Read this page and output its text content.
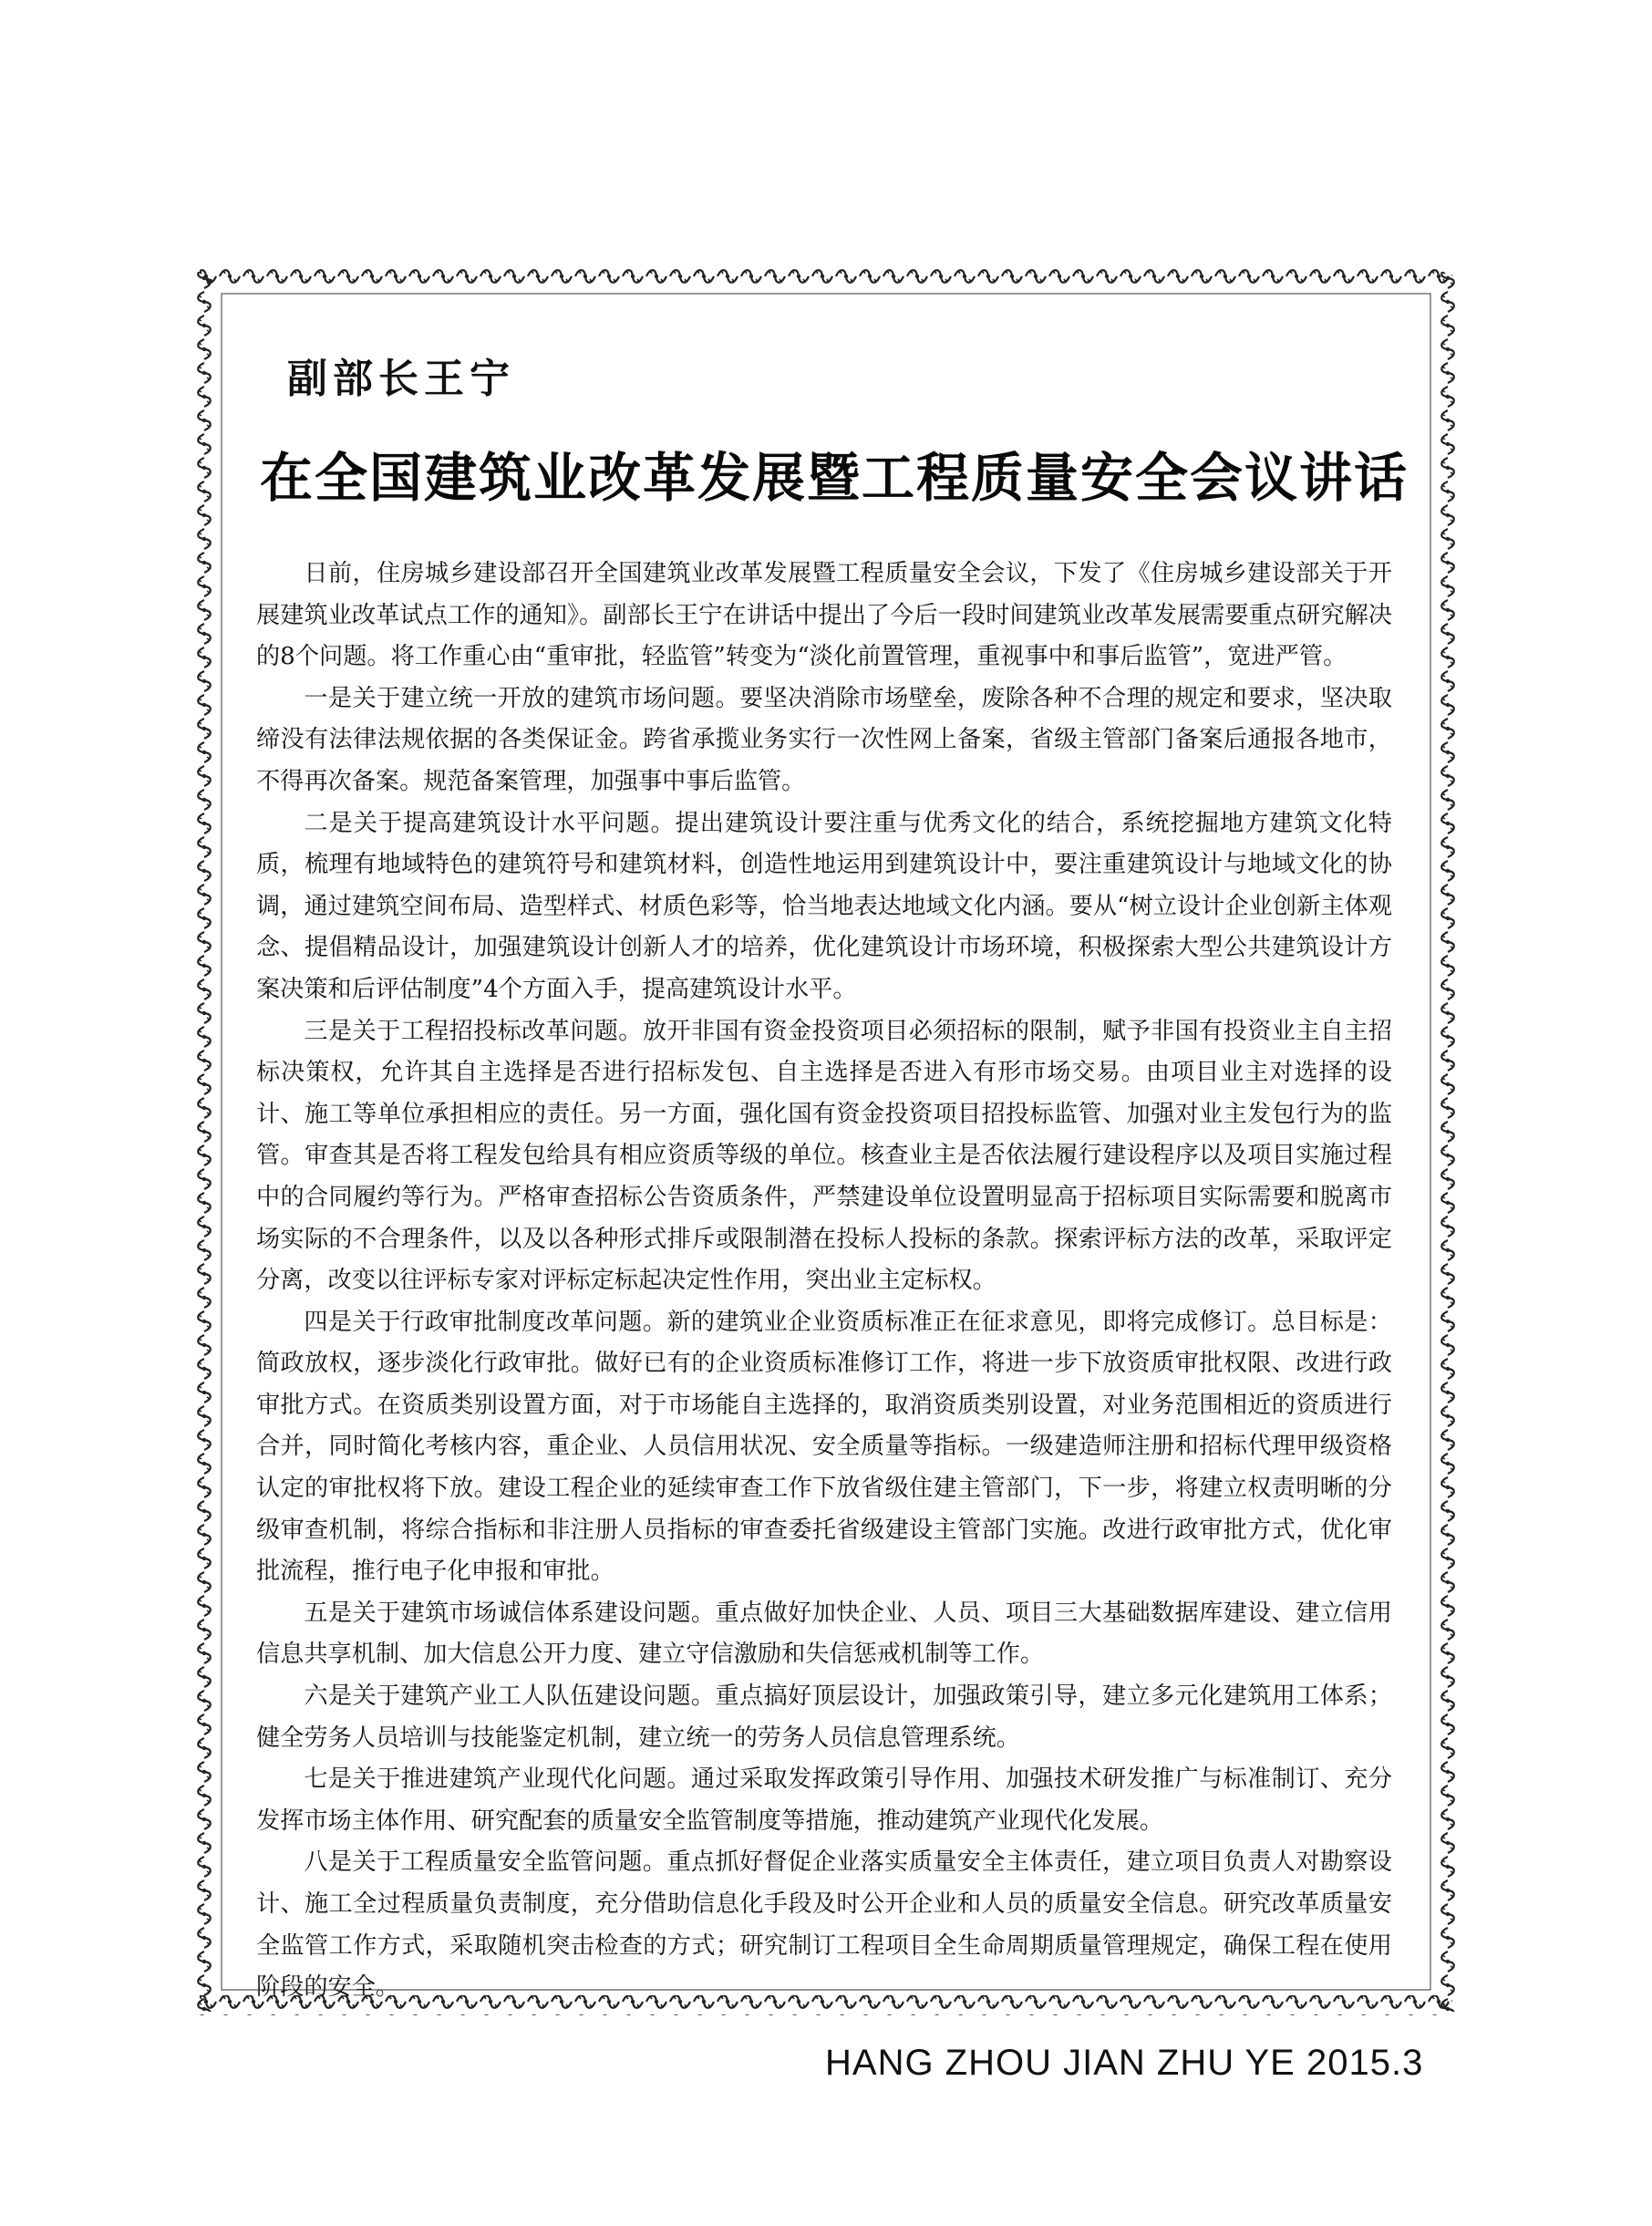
副部长王宁
在全国建筑业改革发展暨工程质量安全会议讲话

日前，住房城乡建设部召开全国建筑业改革发展暨工程质量安全会议，下发了《住房城乡建设部关于开展建筑业改革试点工作的通知》。副部长王宁在讲话中提出了今后一段时间建筑业改革发展需要重点研究解决的8个问题。将工作重心由“重审批，轻监管”转变为“淡化前置管理，重视事中和事后监管”，宽进严管。

一是关于建立统一开放的建筑市场问题。要坚决消除市场壁垒，废除各种不合理的规定和要求，坚决取缔没有法律法规依据的各类保证金。跨省承揽业务实行一次性网上备案，省级主管部门备案后通报各地市，不得再次备案。规范备案管理，加强事中事后监管。

二是关于提高建筑设计水平问题。提出建筑设计要注重与优秀文化的结合，系统挖掘地方建筑文化特质，梳理有地域特色的建筑符号和建筑材料，创造性地运用到建筑设计中，要注重建筑设计与地域文化的协调，通过建筑空间布局、造型样式、材质色彩等，恰当地表达地域文化内涵。要从“树立设计企业创新主体观念、提倡精品设计，加强建筑设计创新人才的培养，优化建筑设计市场环境，积极探索大型公共建筑设计方案决策和后评估制度”4个方面入手，提高建筑设计水平。

三是关于工程招投标改革问题。放开非国有资金投资项目必须招标的限制，赋予非国有投资业主自主招标决策权，允许其自主选择是否进行招标发包、自主选择是否进入有形市场交易。由项目业主对选择的设计、施工等单位承担相应的责任。另一方面，强化国有资金投资项目招投标监管、加强对业主发包行为的监管。审查其是否将工程发包给具有相应资质等级的单位。核查业主是否依法履行建设程序以及项目实施过程中的合同履约等行为。严格审查招标公告资质条件，严禁建设单位设置明显高于招标项目实际需要和脱离市场实际的不合理条件，以及以各种形式排斥或限制潜在投标人投标的条款。探索评标方法的改革，采取评定分离，改变以往评标专家对评标定标起决定性作用，突出业主定标权。

四是关于行政审批制度改革问题。新的建筑业企业资质标准正在征求意见，即将完成修订。总目标是：简政放权，逐步淡化行政审批。做好已有的企业资质标准修订工作，将进一步下放资质审批权限、改进行政审批方式。在资质类别设置方面，对于市场能自主选择的，取消资质类别设置，对业务范围相近的资质进行合并，同时简化考核内容，重企业、人员信用状况、安全质量等指标。一级建造师注册和招标代理甲级资格认定的审批权将下放。建设工程企业的延续审查工作下放省级住建主管部门，下一步，将建立权责明晰的分级审查机制，将综合指标和非注册人员指标的审查委托省级建设主管部门实施。改进行政审批方式，优化审批流程，推行电子化申报和审批。

五是关于建筑市场诚信体系建设问题。重点做好加快企业、人员、项目三大基础数据库建设、建立信用信息共享机制、加大信息公开力度、建立守信激励和失信惩戒机制等工作。

六是关于建筑产业工人队伍建设问题。重点搞好顶层设计，加强政策引导，建立多元化建筑用工体系；健全劳务人员培训与技能鉴定机制，建立统一的劳务人员信息管理系统。

七是关于推进建筑产业现代化问题。通过采取发挥政策引导作用、加强技术研发推广与标准制订、充分发挥市场主体作用、研究配套的质量安全监管制度等措施，推动建筑产业现代化发展。

八是关于工程质量安全监管问题。重点抓好督促企业落实质量安全主体责任，建立项目负责人对勘察设计、施工全过程质量负责制度，充分借助信息化手段及时公开企业和人员的质量安全信息。研究改革质量安全监管工作方式，采取随机突击检查的方式；研究制订工程项目全生命周期质量管理规定，确保工程在使用阶段的安全。

HANG ZHOU JIAN ZHU YE 2015.3
